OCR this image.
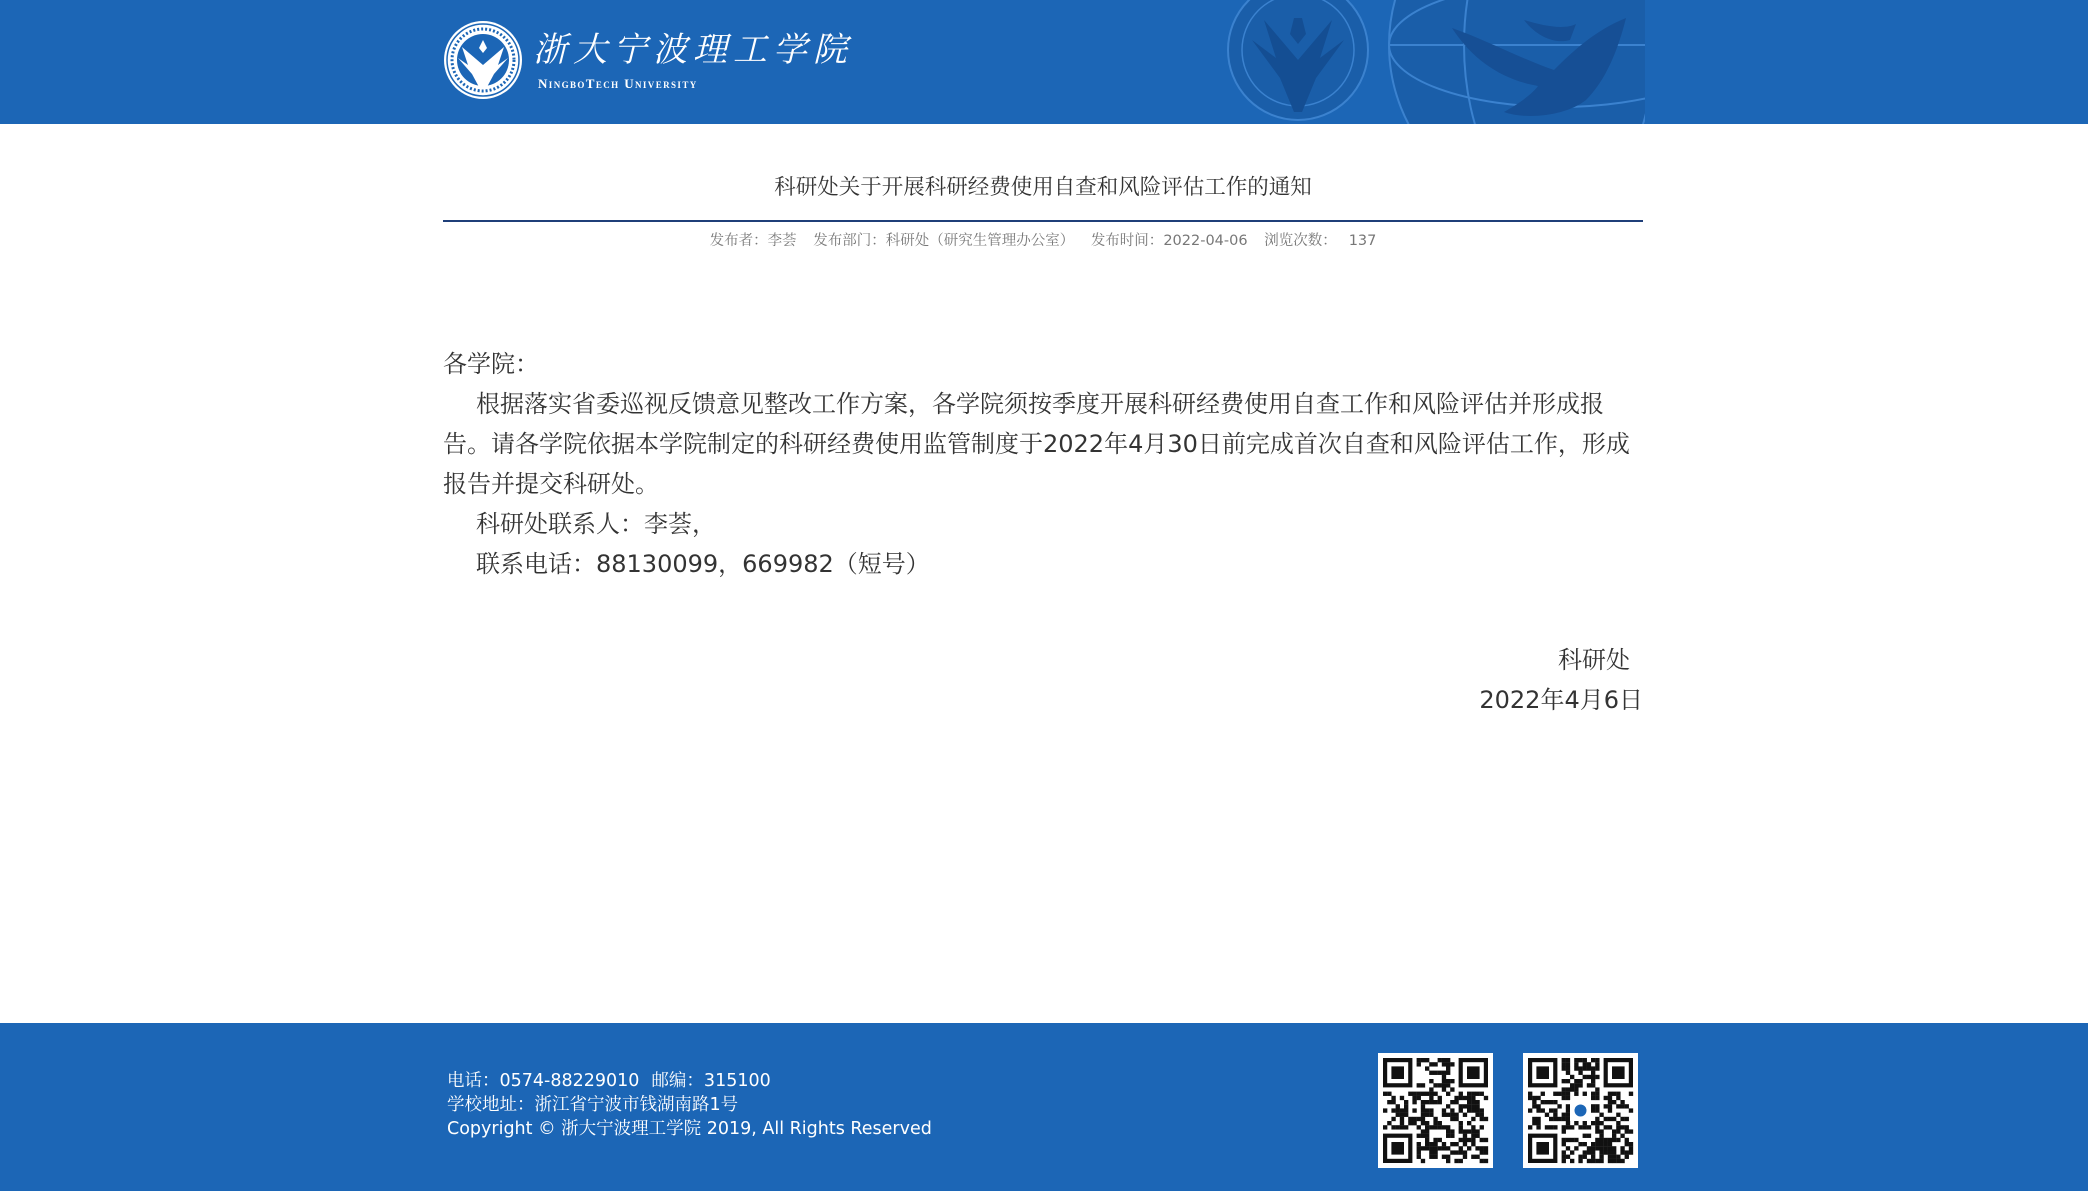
浙大宁波理工学院
NingboTech University
科研处关于开展科研经费使用自查和风险评估工作的通知
发布者：李荟 发布部门：科研处（研究生管理办公室） 发布时间：2022-04-06 浏览次数： 137
各学院：
根据落实省委巡视反馈意见整改工作方案，各学院须按季度开展科研经费使用自查工作和风险评估并形成报
告。请各学院依据本学院制定的科研经费使用监管制度于2022年4月30日前完成首次自查和风险评估工作，形成
报告并提交科研处。
科研处联系人：李荟，
联系电话：88130099，669982（短号）
科研处
2022年4月6日
电话：0574-88229010 邮编：315100
学校地址：浙江省宁波市钱湖南路1号
Copyright © 浙大宁波理工学院 2019, All Rights Reserved
